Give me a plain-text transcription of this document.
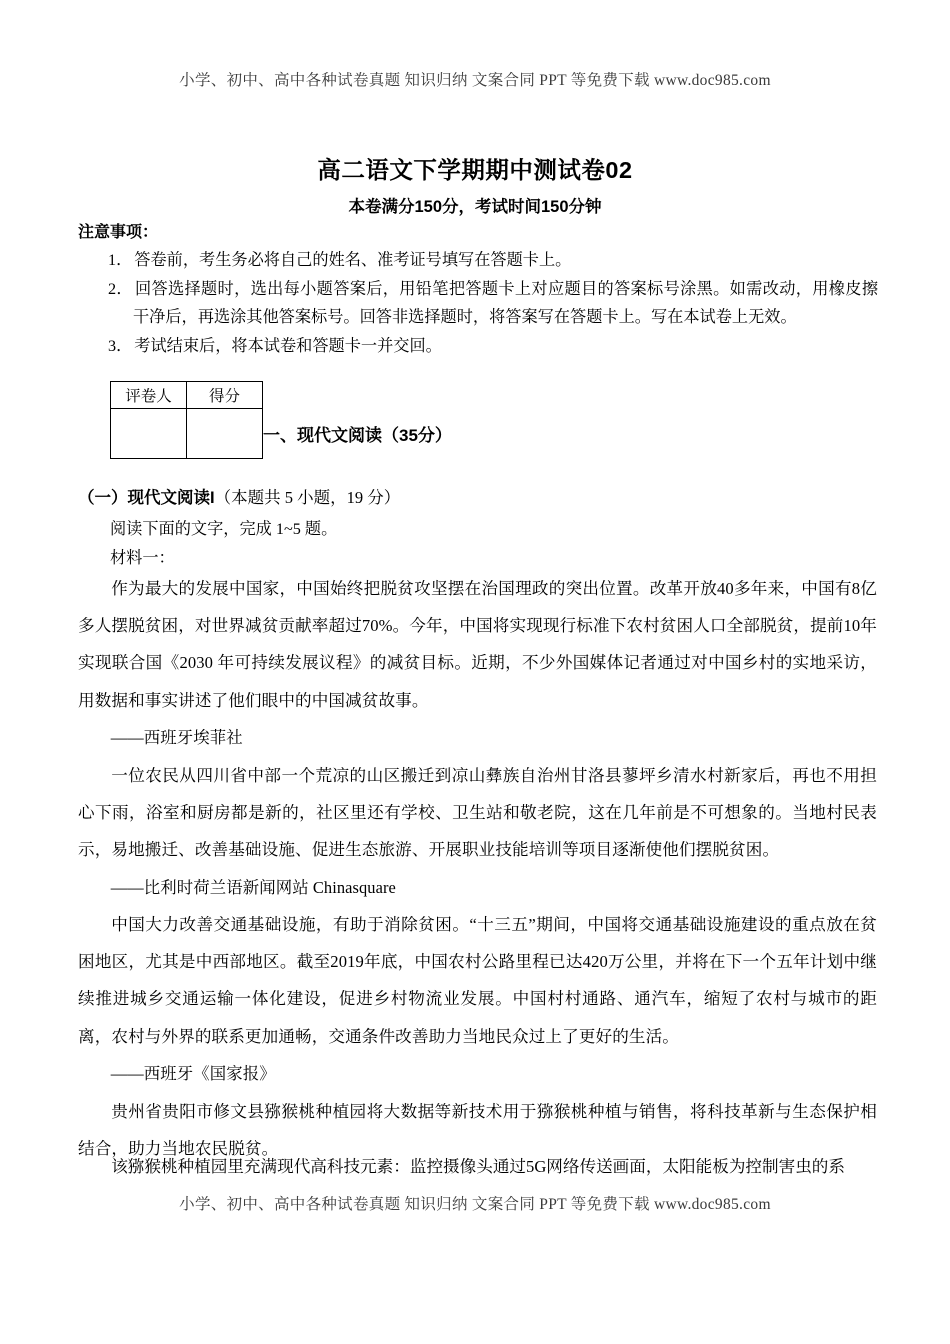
小学、初中、高中各种试卷真题 知识归纳 文案合同 PPT 等免费下载 www.doc985.com
高二语文下学期期中测试卷02
本卷满分150分，考试时间150分钟
注意事项：
1． 答卷前，考生务必将自己的姓名、准考证号填写在答题卡上。
2． 回答选择题时，选出每小题答案后，用铅笔把答题卡上对应题目的答案标号涂黑。如需改动，用橡皮擦干净后，再选涂其他答案标号。回答非选择题时，将答案写在答题卡上。写在本试卷上无效。
3． 考试结束后，将本试卷和答题卡一并交回。
评卷人	得分

一、现代文阅读（35分）
（一）现代文阅读I（本题共 5 小题，19 分）
阅读下面的文字，完成 1~5 题。
材料一：

作为最大的发展中国家，中国始终把脱贫攻坚摆在治国理政的突出位置。改革开放40多年来，中国有8亿多人摆脱贫困，对世界减贫贡献率超过70%。今年，中国将实现现行标准下农村贫困人口全部脱贫，提前10年实现联合国《2030 年可持续发展议程》的减贫目标。近期，不少外国媒体记者通过对中国乡村的实地采访，用数据和事实讲述了他们眼中的中国减贫故事。

——西班牙埃菲社

一位农民从四川省中部一个荒凉的山区搬迁到凉山彝族自治州甘洛县蓼坪乡清水村新家后，再也不用担心下雨，浴室和厨房都是新的，社区里还有学校、卫生站和敬老院，这在几年前是不可想象的。当地村民表示，易地搬迁、改善基础设施、促进生态旅游、开展职业技能培训等项目逐渐使他们摆脱贫困。

——比利时荷兰语新闻网站 Chinasquare

中国大力改善交通基础设施，有助于消除贫困。“十三五”期间，中国将交通基础设施建设的重点放在贫困地区，尤其是中西部地区。截至2019年底，中国农村公路里程已达420万公里，并将在下一个五年计划中继续推进城乡交通运输一体化建设，促进乡村物流业发展。中国村村通路、通汽车，缩短了农村与城市的距离，农村与外界的联系更加通畅，交通条件改善助力当地民众过上了更好的生活。

——西班牙《国家报》

贵州省贵阳市修文县猕猴桃种植园将大数据等新技术用于猕猴桃种植与销售，将科技革新与生态保护相结合，助力当地农民脱贫。

该猕猴桃种植园里充满现代高科技元素：监控摄像头通过5G网络传送画面，太阳能板为控制害虫的系
小学、初中、高中各种试卷真题 知识归纳 文案合同 PPT 等免费下载 www.doc985.com
